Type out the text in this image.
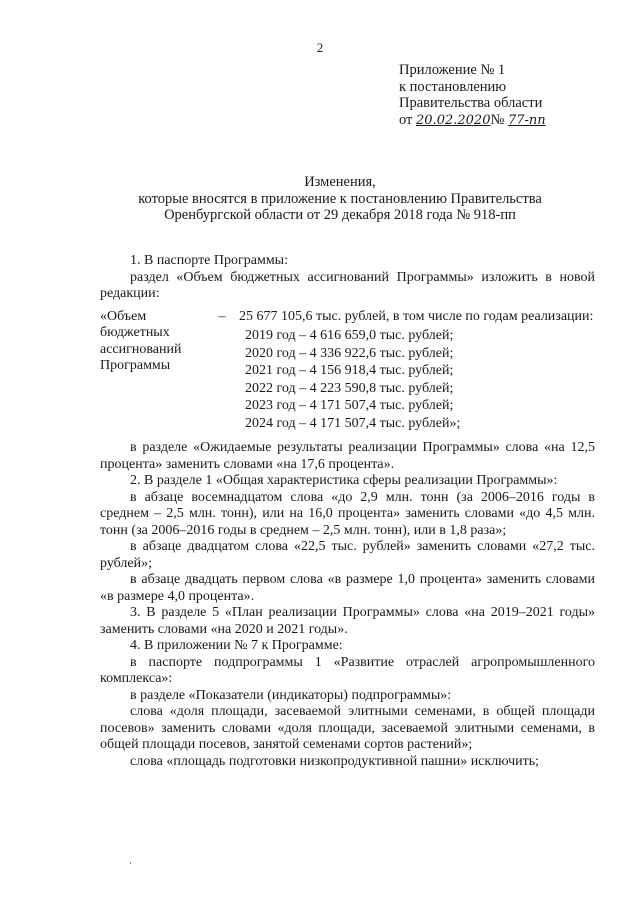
2
Приложение № 1
к постановлению
Правительства области
от 20.02.2020№ 77-пп
Изменения,
которые вносятся в приложение к постановлению Правительства
Оренбургской области от 29 декабря 2018 года № 918-пп

1. В паспорте Программы:

раздел «Объем бюджетных ассигнований Программы» изложить в новой редакции:

«Объем бюджетных ассигнований Программы
– 25 677 105,6 тыс. рублей, в том числе по годам реализации:
2019 год – 4 616 659,0 тыс. рублей;
2020 год – 4 336 922,6 тыс. рублей;
2021 год – 4 156 918,4 тыс. рублей;
2022 год – 4 223 590,8 тыс. рублей;
2023 год – 4 171 507,4 тыс. рублей;
2024 год – 4 171 507,4 тыс. рублей»;

в разделе «Ожидаемые результаты реализации Программы» слова «на 12,5 процента» заменить словами «на 17,6 процента».

2. В разделе 1 «Общая характеристика сферы реализации Программы»:

в абзаце восемнадцатом слова «до 2,9 млн. тонн (за 2006–2016 годы в среднем – 2,5 млн. тонн), или на 16,0 процента» заменить словами «до 4,5 млн. тонн (за 2006–2016 годы в среднем – 2,5 млн. тонн), или в 1,8 раза»;

в абзаце двадцатом слова «22,5 тыс. рублей» заменить словами «27,2 тыс. рублей»;

в абзаце двадцать первом слова «в размере 1,0 процента» заменить словами «в размере 4,0 процента».

3. В разделе 5 «План реализации Программы» слова «на 2019–2021 годы» заменить словами «на 2020 и 2021 годы».

4. В приложении № 7 к Программе:

в паспорте подпрограммы 1 «Развитие отраслей агропромышленного комплекса»:

в разделе «Показатели (индикаторы) подпрограммы»:

слова «доля площади, засеваемой элитными семенами, в общей площади посевов» заменить словами «доля площади, засеваемой элитными семенами, в общей площади посевов, занятой семенами сортов растений»;

слова «площадь подготовки низкопродуктивной пашни» исключить;
